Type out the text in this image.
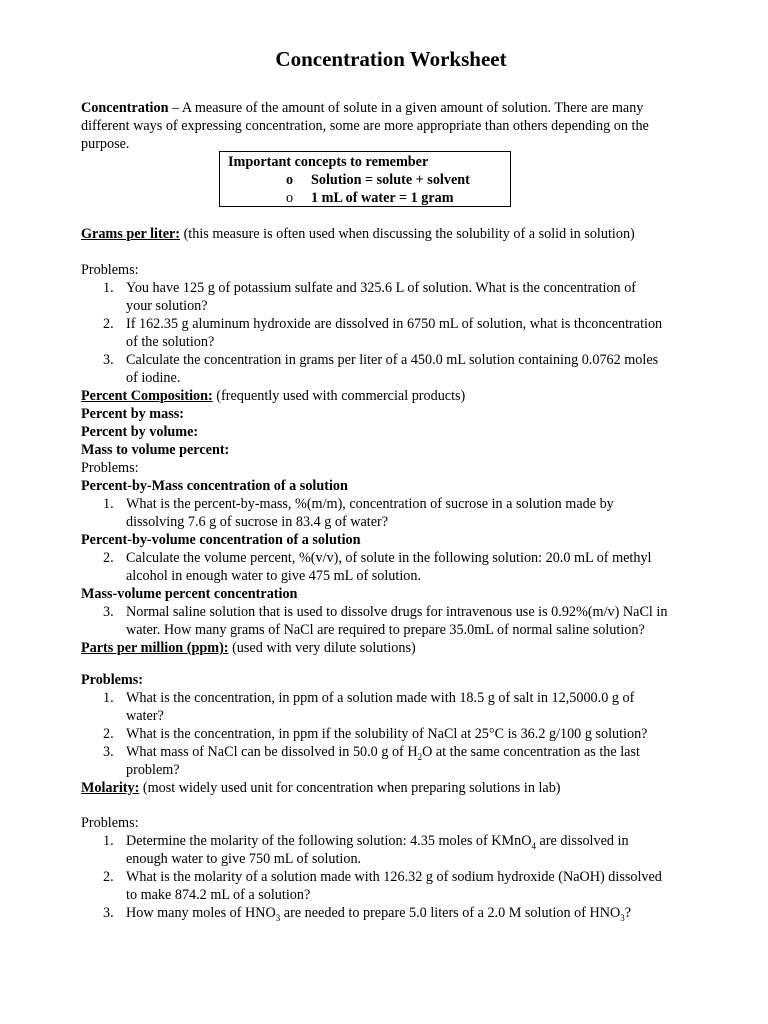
Concentration Worksheet
Concentration – A measure of the amount of solute in a given amount of solution. There are many
different ways of expressing concentration, some are more appropriate than others depending on the
purpose.
Important concepts to remember
o Solution = solute + solvent
o 1 mL of water = 1 gram
Grams per liter: (this measure is often used when discussing the solubility of a solid in solution)
Problems:
1. You have 125 g of potassium sulfate and 325.6 L of solution. What is the concentration of
your solution?
2. If 162.35 g aluminum hydroxide are dissolved in 6750 mL of solution, what is thconcentration
of the solution?
3. Calculate the concentration in grams per liter of a 450.0 mL solution containing 0.0762 moles
of iodine.
Percent Composition: (frequently used with commercial products)
Percent by mass:
Percent by volume:
Mass to volume percent:
Problems:
Percent-by-Mass concentration of a solution
1. What is the percent-by-mass, %(m/m), concentration of sucrose in a solution made by
dissolving 7.6 g of sucrose in 83.4 g of water?
Percent-by-volume concentration of a solution
2. Calculate the volume percent, %(v/v), of solute in the following solution: 20.0 mL of methyl
alcohol in enough water to give 475 mL of solution.
Mass-volume percent concentration
3. Normal saline solution that is used to dissolve drugs for intravenous use is 0.92%(m/v) NaCl in
water. How many grams of NaCl are required to prepare 35.0mL of normal saline solution?
Parts per million (ppm): (used with very dilute solutions)
Problems:
1. What is the concentration, in ppm of a solution made with 18.5 g of salt in 12,5000.0 g of
water?
2. What is the concentration, in ppm if the solubility of NaCl at 25°C is 36.2 g/100 g solution?
3. What mass of NaCl can be dissolved in 50.0 g of $H_2O$ at the same concentration as the last
problem?
Molarity: (most widely used unit for concentration when preparing solutions in lab)
Problems:
1. Determine the molarity of the following solution: 4.35 moles of KMnO$_4$ are dissolved in
enough water to give 750 mL of solution.
2. What is the molarity of a solution made with 126.32 g of sodium hydroxide (NaOH) dissolved
to make 874.2 mL of a solution?
3. How many moles of $HNO_3$ are needed to prepare 5.0 liters of a 2.0 M solution of $HNO_3$?
